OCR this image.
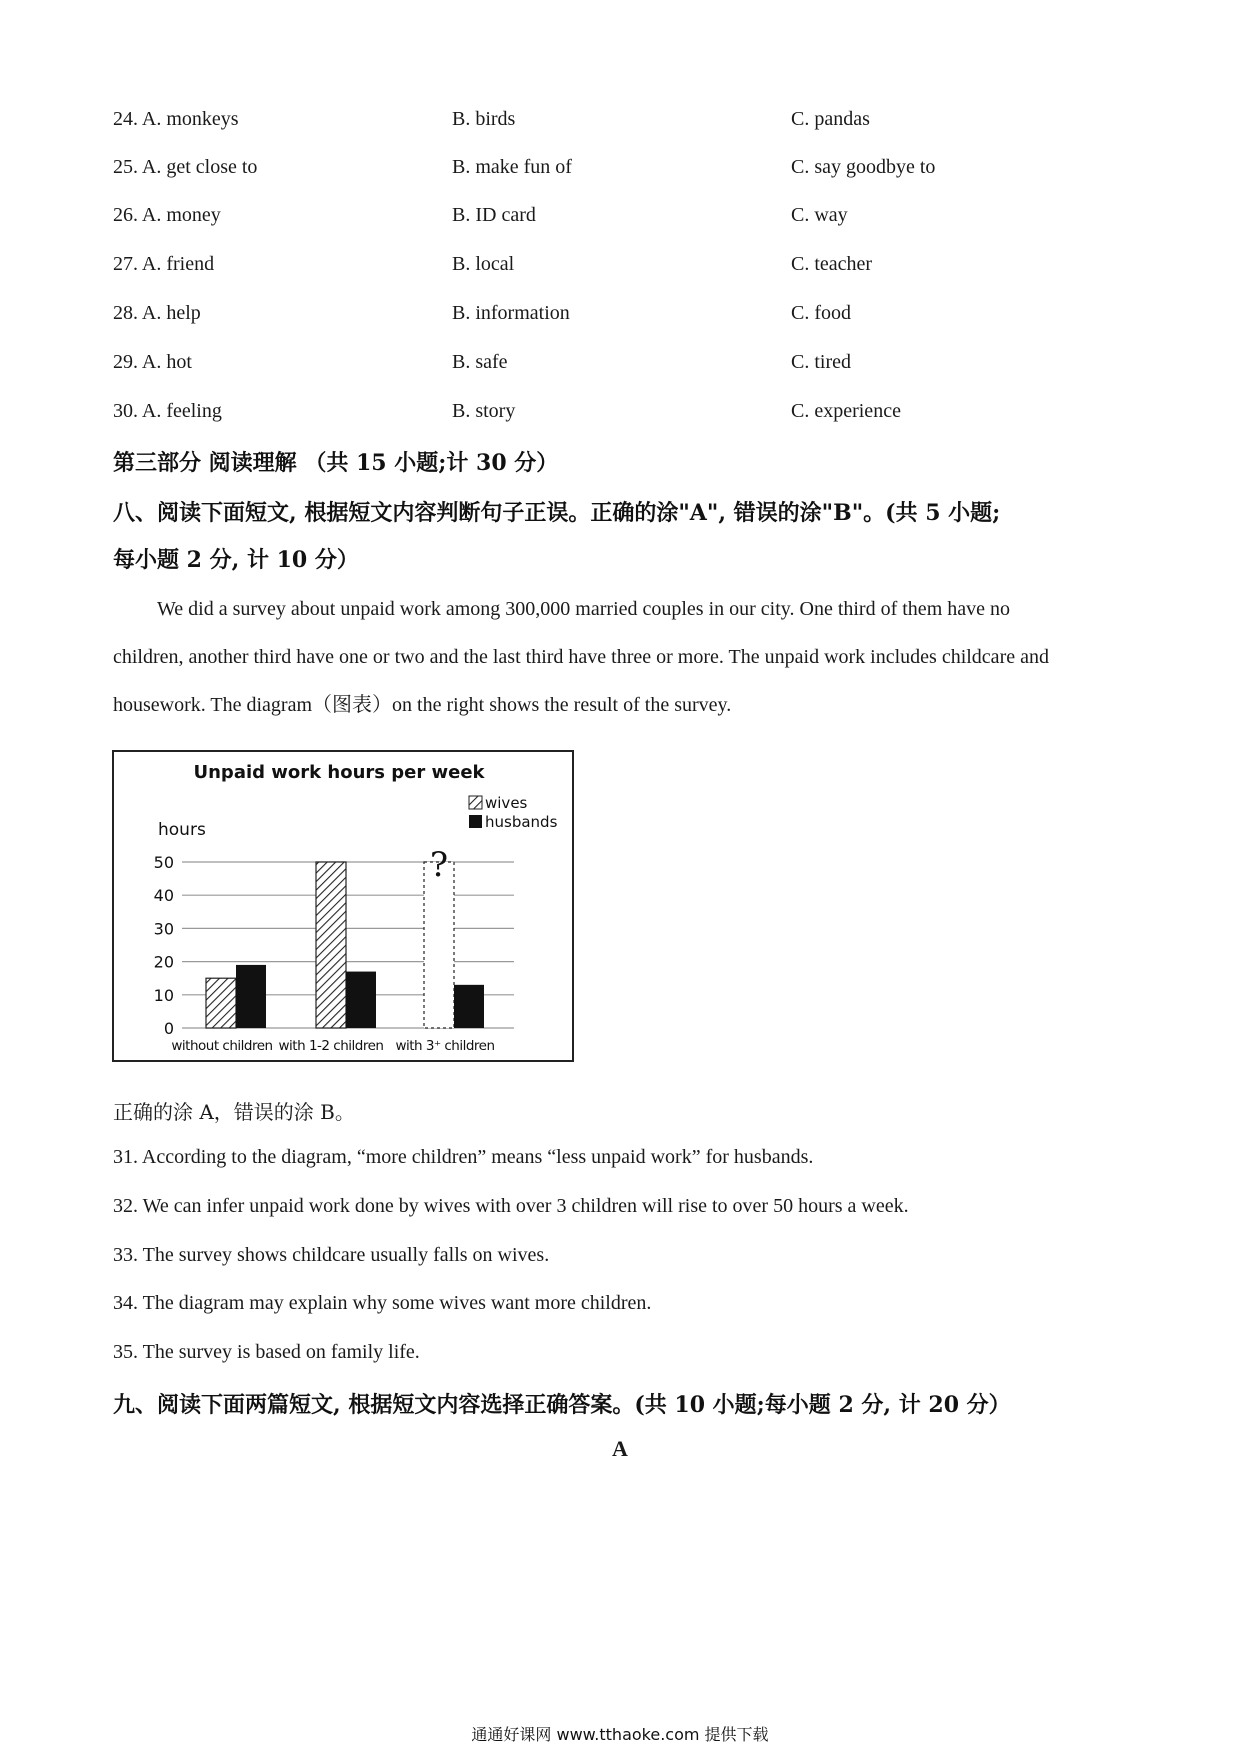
24. A. monkeys	B. birds	C. pandas
25. A. get close to	B. make fun of	C. say goodbye to
26. A. money	B. ID card	C. way
27. A. friend	B. local	C. teacher
28. A. help	B. information	C. food
29. A. hot	B. safe	C. tired
30. A. feeling	B. story	C. experience
第三部分 阅读理解 （共 15 小题;计 30 分）
八、阅读下面短文, 根据短文内容判断句子正误。正确的涂"A", 错误的涂"B"。(共 5 小题;
每小题 2 分, 计 10 分）
We did a survey about unpaid work among 300,000 married couples in our city. One third of them have no
children, another third have one or two and the last third have three or more. The unpaid work includes childcare and
housework. The diagram（图表）on the right shows the result of the survey.
Unpaid work hours per week
hours
wives
husbands
0
10
20
30
40
50	?
without children with 1-2 children with 3⁺ children
正确的涂 A，错误的涂 B。
31. According to the diagram, “more children” means “less unpaid work” for husbands.
32. We can infer unpaid work done by wives with over 3 children will rise to over 50 hours a week.
33. The survey shows childcare usually falls on wives.
34. The diagram may explain why some wives want more children.
35. The survey is based on family life.
九、阅读下面两篇短文, 根据短文内容选择正确答案。(共 10 小题;每小题 2 分, 计 20 分）
A
通通好课网 www.tthaoke.com 提供下载
